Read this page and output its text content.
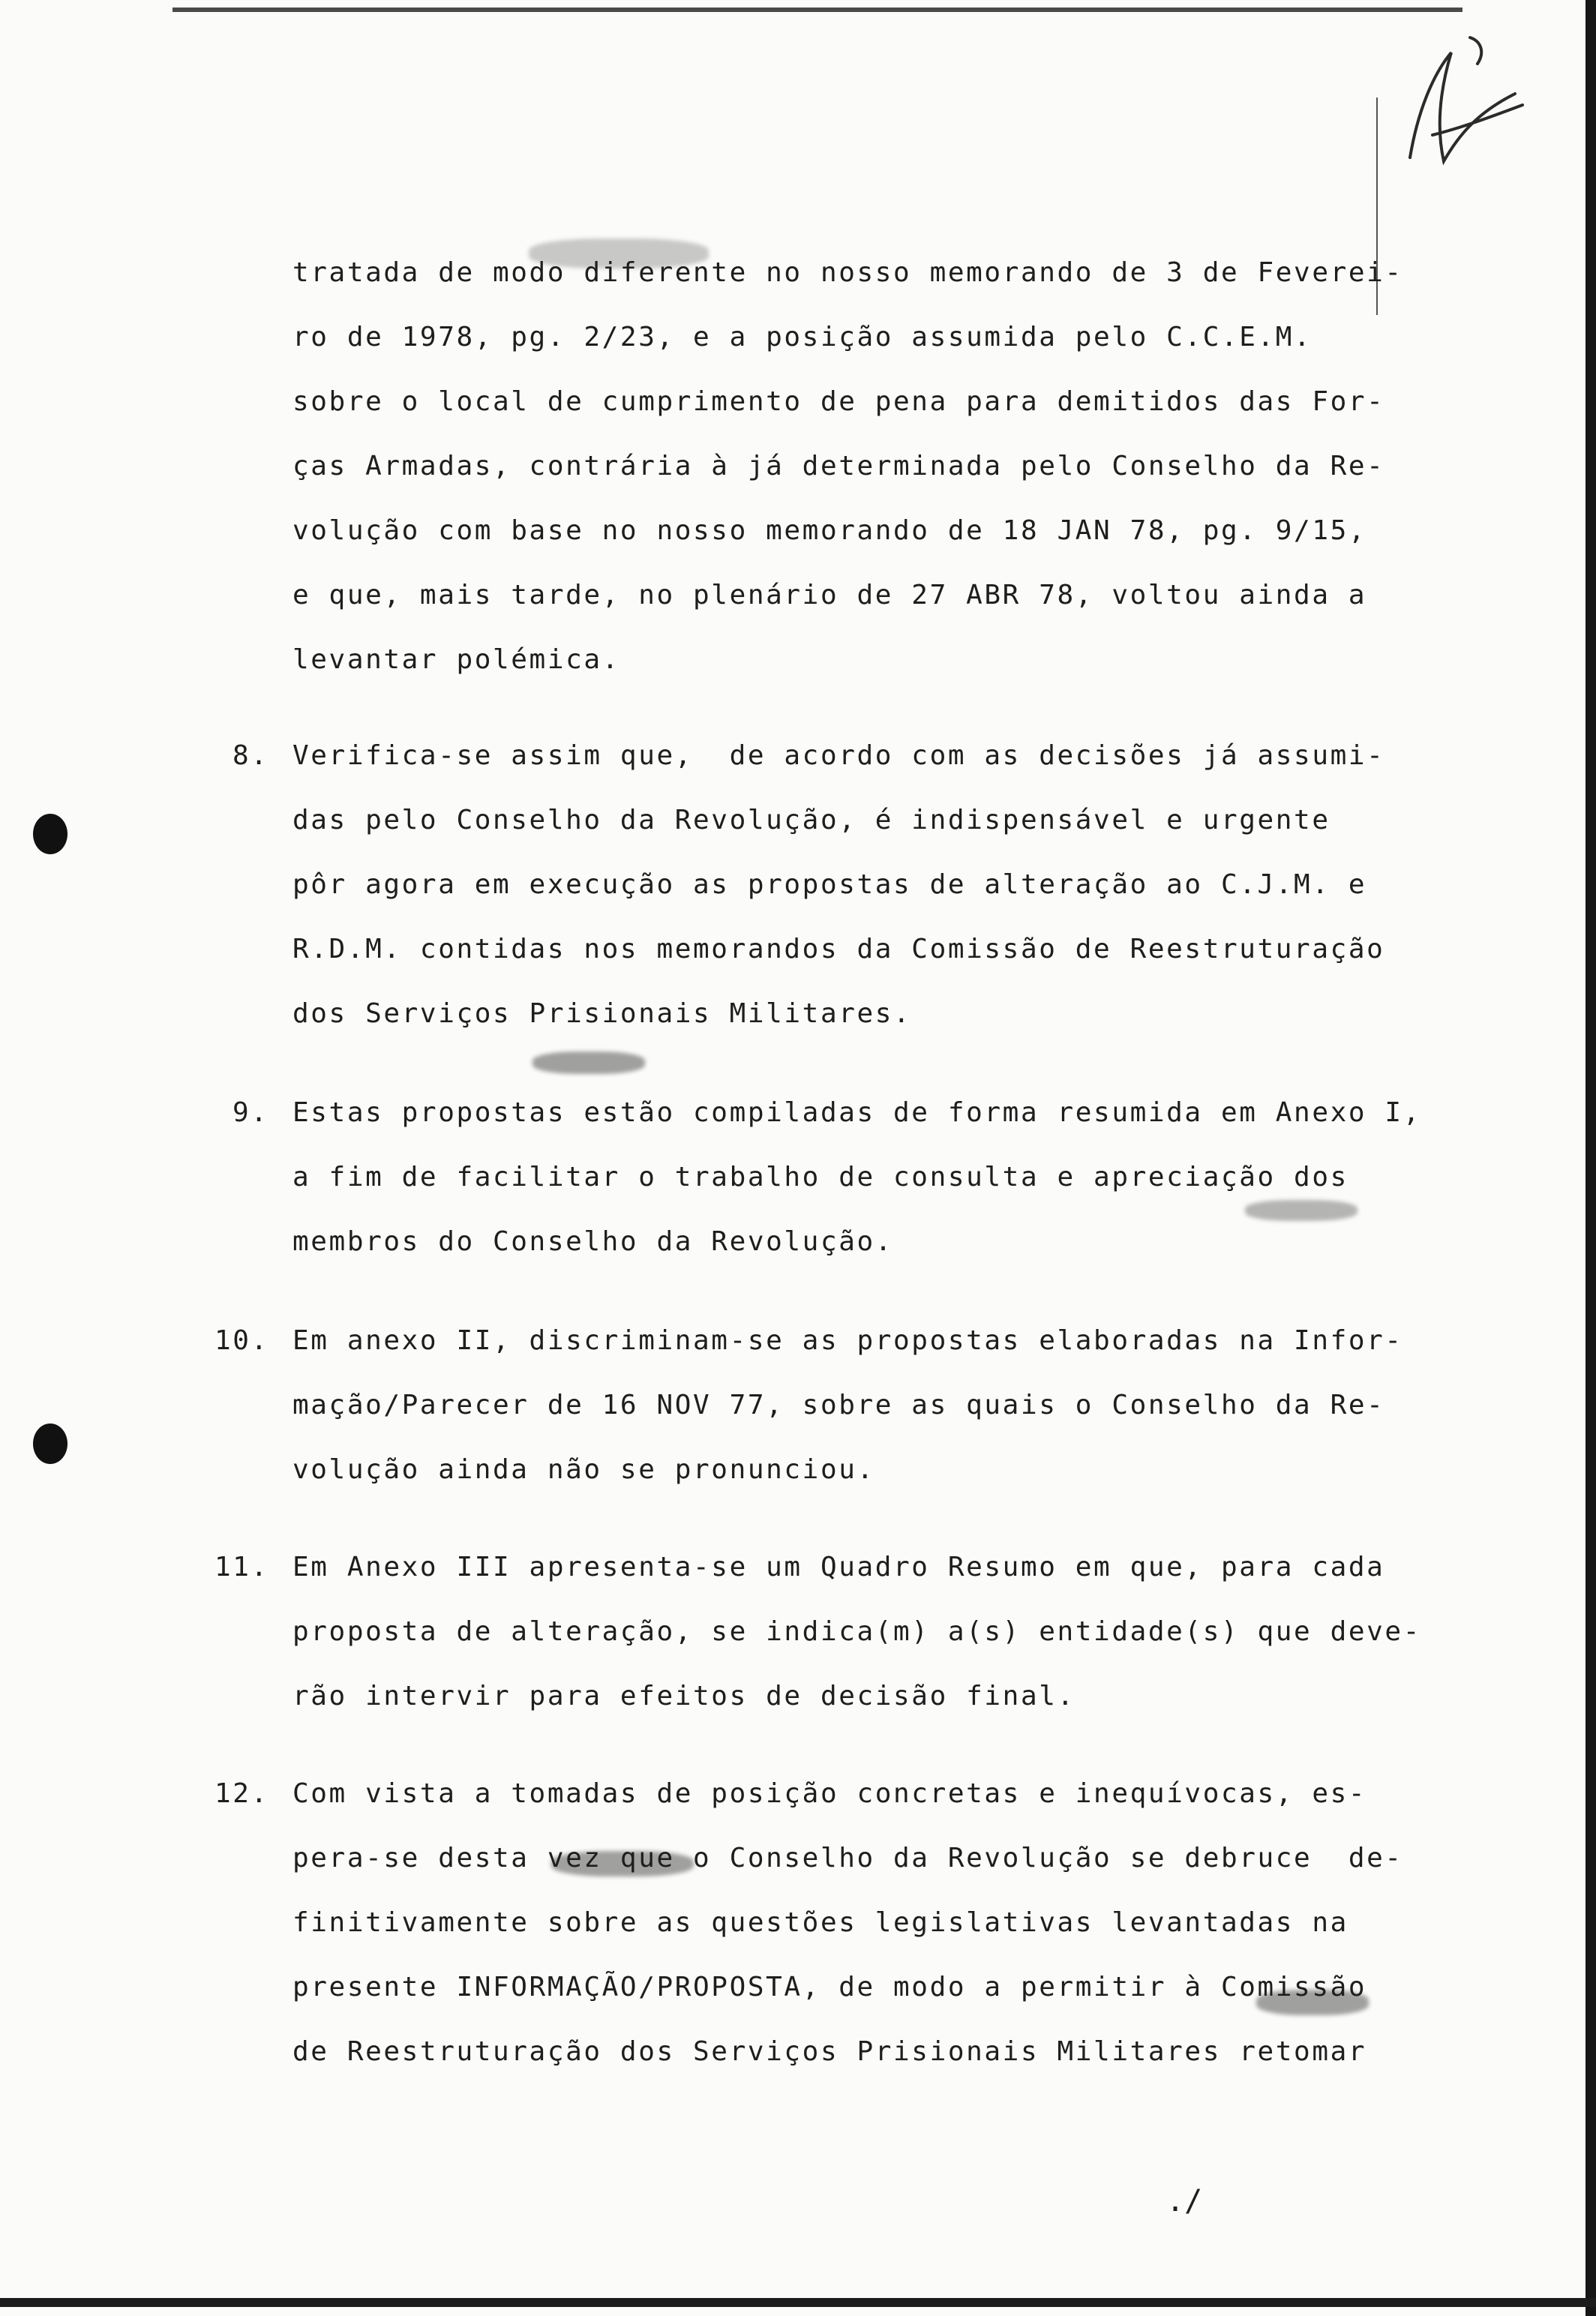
tratada de modo diferente no nosso memorando de 3 de Feverei-

ro de 1978, pg. 2/23, e a posição assumida pelo C.C.E.M.

sobre o local de cumprimento de pena para demitidos das For-

ças Armadas, contrária à já determinada pelo Conselho da Re-

volução com base no nosso memorando de 18 JAN 78, pg. 9/15,

e que, mais tarde, no plenário de 27 ABR 78, voltou ainda a

levantar polémica.

8. Verifica-se assim que,  de acordo com as decisões já assumi-

das pelo Conselho da Revolução, é indispensável e urgente

pôr agora em execução as propostas de alteração ao C.J.M. e

R.D.M. contidas nos memorandos da Comissão de Reestruturação

dos Serviços Prisionais Militares.

9. Estas propostas estão compiladas de forma resumida em Anexo I,

a fim de facilitar o trabalho de consulta e apreciação dos

membros do Conselho da Revolução.

10. Em anexo II, discriminam-se as propostas elaboradas na Infor-

mação/Parecer de 16 NOV 77, sobre as quais o Conselho da Re-

volução ainda não se pronunciou.

11. Em Anexo III apresenta-se um Quadro Resumo em que, para cada

proposta de alteração, se indica(m) a(s) entidade(s) que deve-

rão intervir para efeitos de decisão final.

12. Com vista a tomadas de posição concretas e inequívocas, es-

pera-se desta vez que o Conselho da Revolução se debruce  de-

finitivamente sobre as questões legislativas levantadas na

presente INFORMAÇÃO/PROPOSTA, de modo a permitir à Comissão

de Reestruturação dos Serviços Prisionais Militares retomar

./
